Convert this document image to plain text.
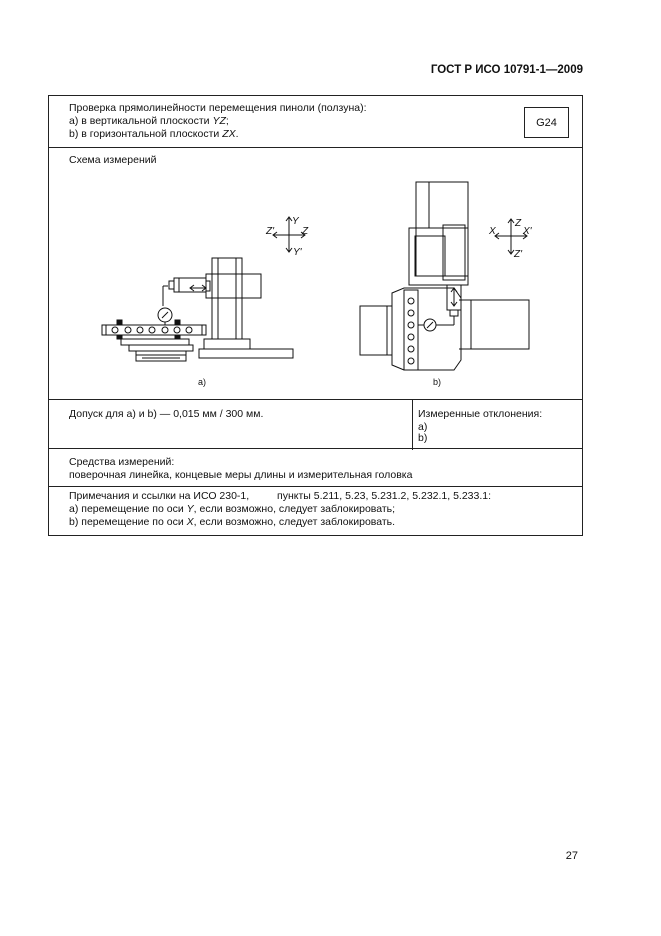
ГОСТ Р ИСО 10791-1—2009
Проверка прямолинейности перемещения пиноли (ползуна):
a) в вертикальной плоскости YZ;
b) в горизонтальной плоскости ZX.
G24
Схема измерений
Y
Y'
Z'	Z
Z
Z'
X	X'
a)	b)
Допуск для a) и b) — 0,015 мм / 300 мм.	Измеренные отклонения:
a)
b)
Средства измерений:
поверочная линейка, концевые меры длины и измерительная головка
Примечания и ссылки на ИСО 230-1,	пункты 5.211, 5.23, 5.231.2, 5.232.1, 5.233.1:
a) перемещение по оси Y, если возможно, следует заблокировать;
b) перемещение по оси X, если возможно, следует заблокировать.
27
